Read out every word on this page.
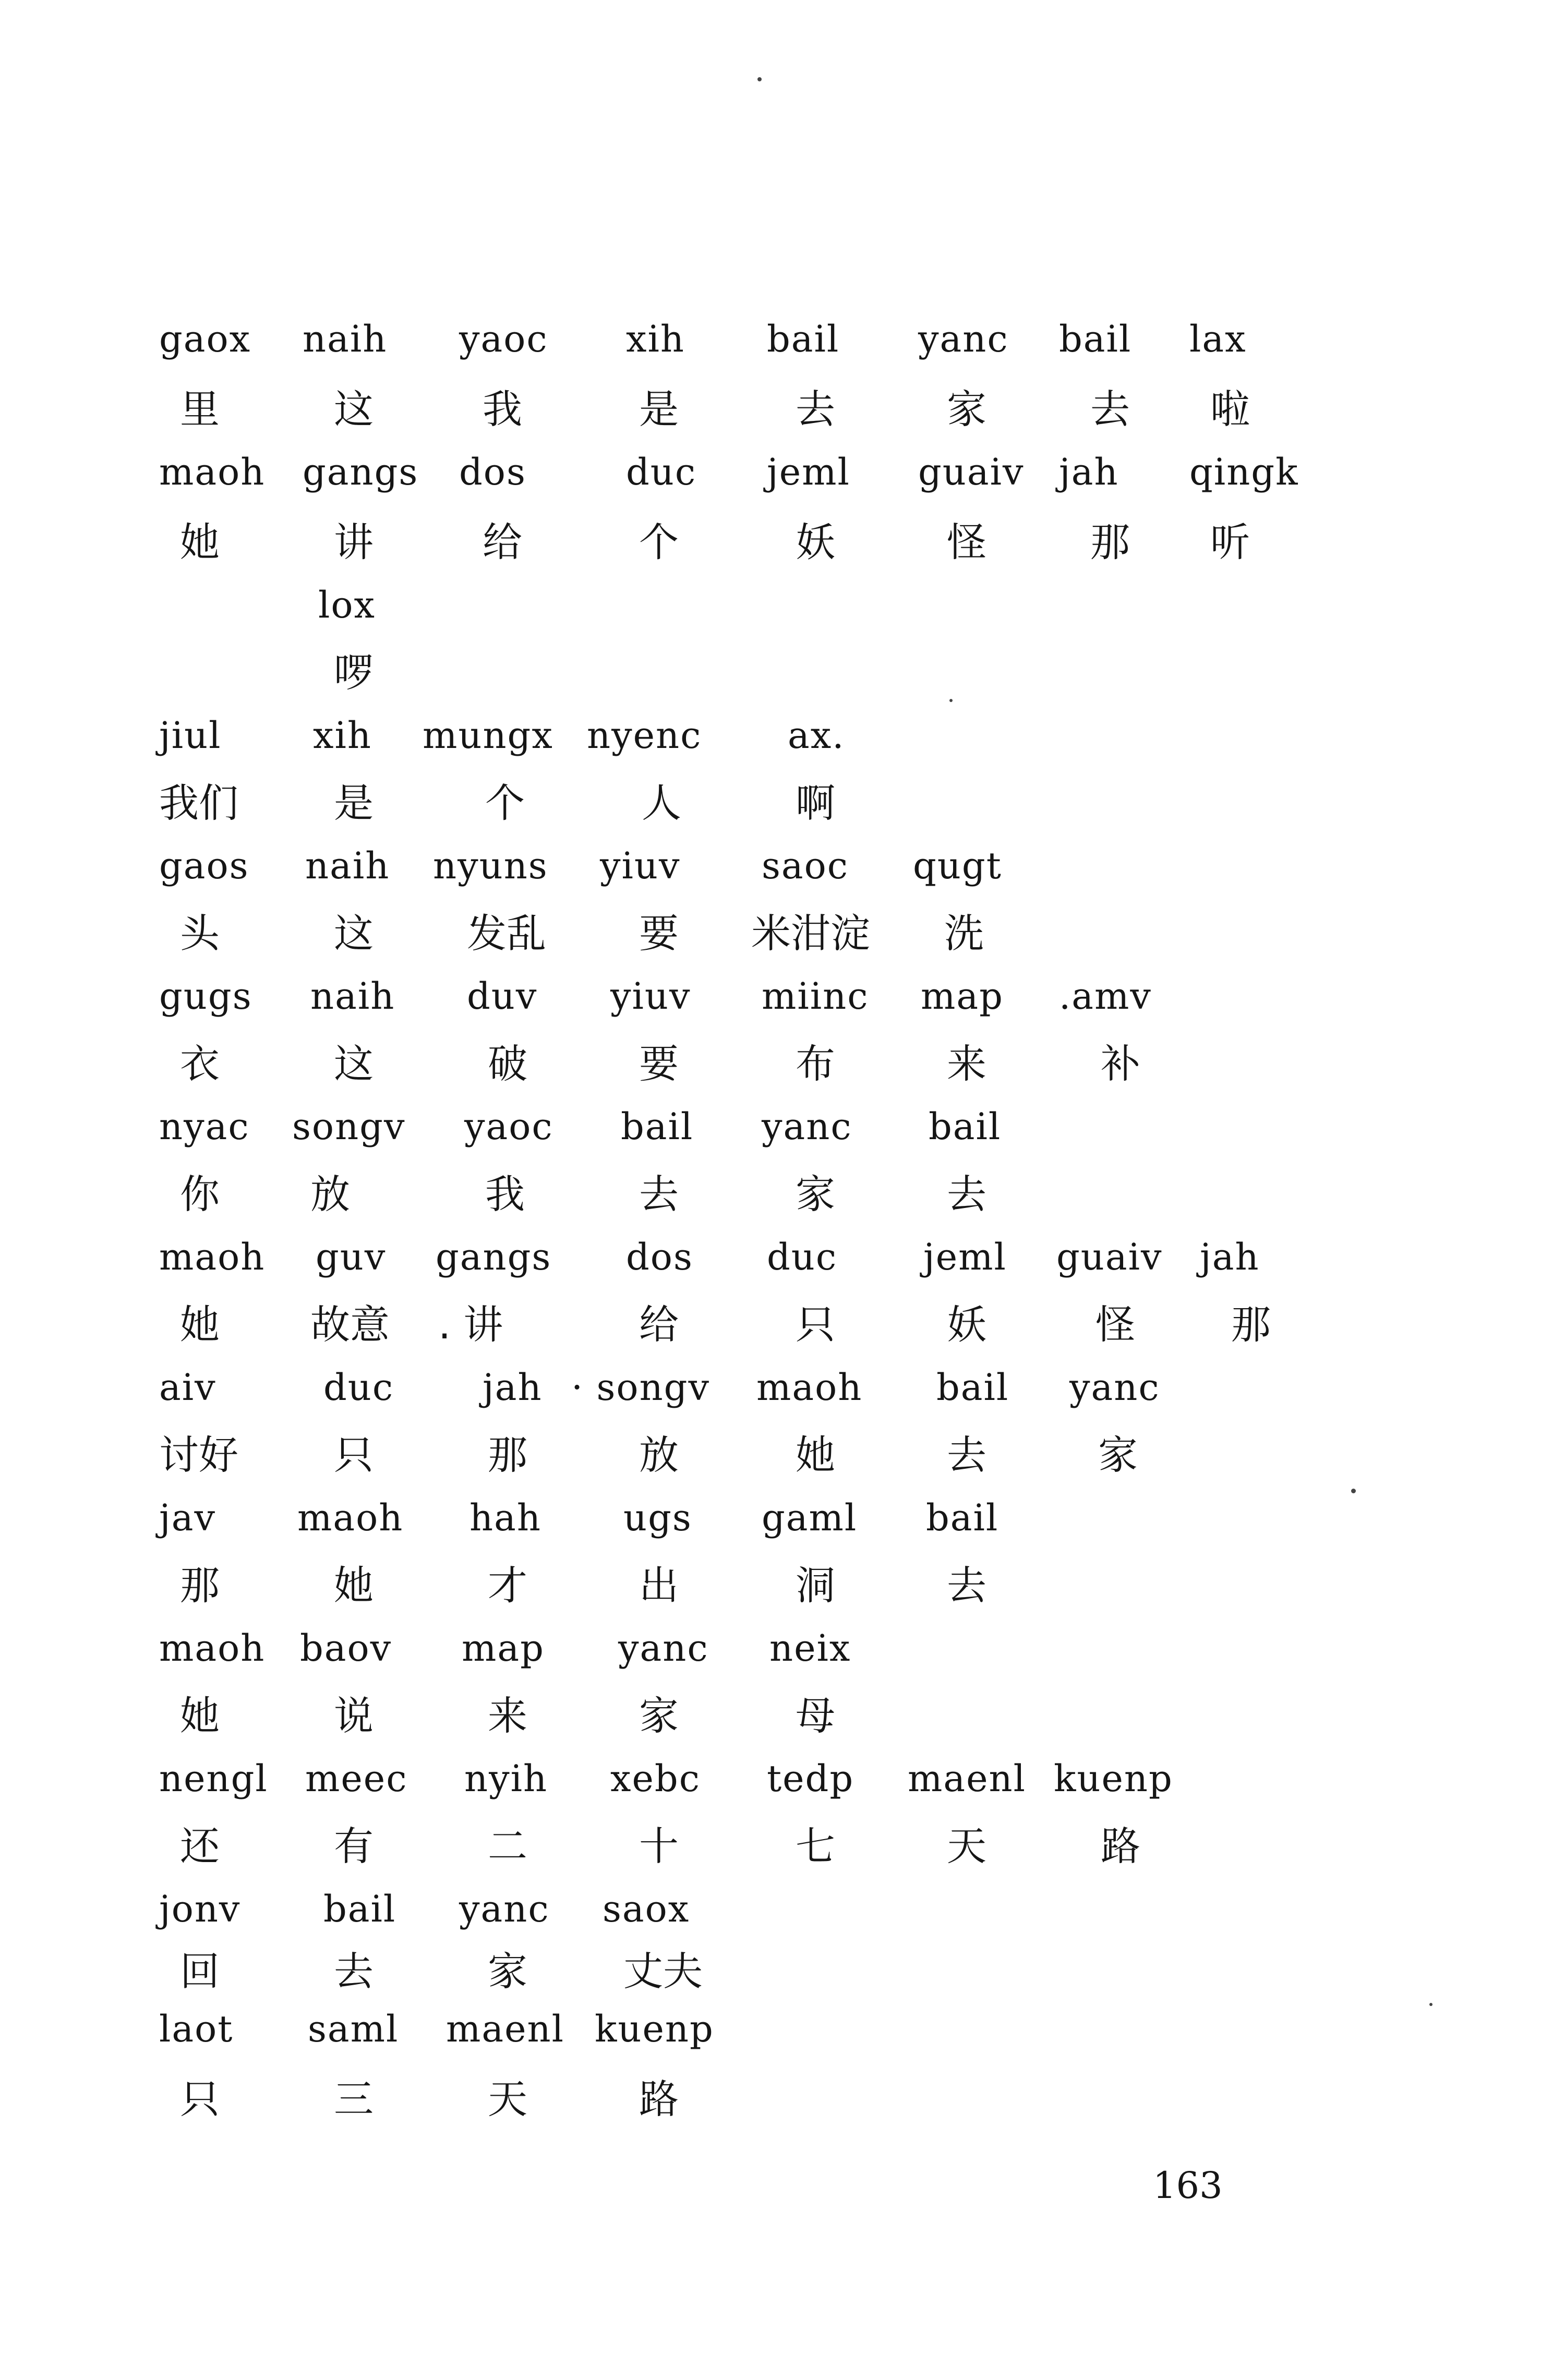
gaox naih yaoc xih bail yanc bail lax
里	这	我	是	去	家	去 啦
maoh gangs dos	duc jeml guaiv jah qingk
她	讲	给	个	妖	怪	那 听
lox
啰
jiul	xih mungx nyenc ax.
我们 是	个	人	啊
gaos naih nyuns yiuv saoc qugt
头	这 发乱 要 米泔淀 洗
gugs naih duv yiuv miinc map .amv
衣	这	破	要	布	来	补
nyac songv yaoc bail yanc bail
你 放	我	去	家	去
maoh guv gangs dos duc jeml guaiv jah
她 故意 . 讲	给	只	妖	怪 那
aiv	duc jah · songv maoh bail yanc
讨好 只	那	放	她	去	家
jav maoh hah ugs gaml bail
那	她	才	出	洞	去
maoh baov map yanc neix
她	说	来	家	母
nengl meec nyih xebc tedp maenl kuenp
还	有	二	十	七	天	路
jonv bail yanc saox
回	去	家 丈夫
laot saml maenl kuenp
只	三	天	路
163
